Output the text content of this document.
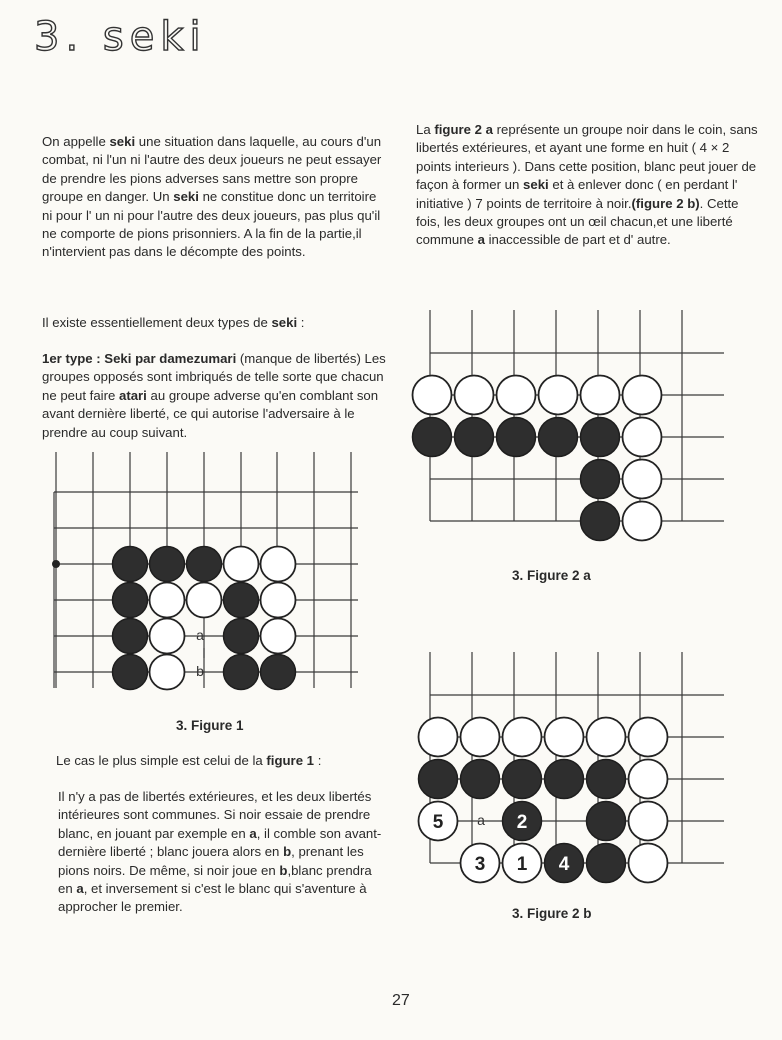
3. seki

On appelle seki une situation dans laquelle, au cours d'un combat, ni l'un ni l'autre des deux joueurs ne peut essayer de prendre les pions adverses sans mettre son propre groupe en danger. Un seki ne constitue donc un territoire ni pour l' un ni pour l'autre des deux joueurs, pas plus qu'il ne comporte de pions prisonniers. A la fin de la partie,il n'intervient pas dans le décompte des points.

Il existe essentiellement deux types de seki :

1er type : Seki par damezumari (manque de libertés) Les groupes opposés sont imbriqués de telle sorte que chacun ne peut faire atari au groupe adverse qu'en comblant son avant dernière liberté, ce qui autorise l'adversaire à le prendre au coup suivant.

a
b
3. Figure 1

Le cas le plus simple est celui de la figure 1 :

Il n'y a pas de libertés extérieures, et les deux libertés intérieures sont communes. Si noir essaie de prendre blanc, en jouant par exemple en a, il comble son avant-dernière liberté ; blanc jouera alors en b, prenant les pions noirs. De même, si noir joue en b,blanc prendra en a, et inversement si c'est le blanc qui s'aventure à approcher le premier.

La figure 2 a représente un groupe noir dans le coin, sans libertés extérieures, et ayant une forme en huit ( 4 × 2 points interieurs ). Dans cette position, blanc peut jouer de façon à former un seki et à enlever donc ( en perdant l' initiative ) 7 points de territoire à noir.(figure 2 b). Cette fois, les deux groupes ont un œil chacun,et une liberté commune a inaccessible de part et d' autre.

3. Figure 2 a
5	2
3 1 4
a
3. Figure 2 b
27
